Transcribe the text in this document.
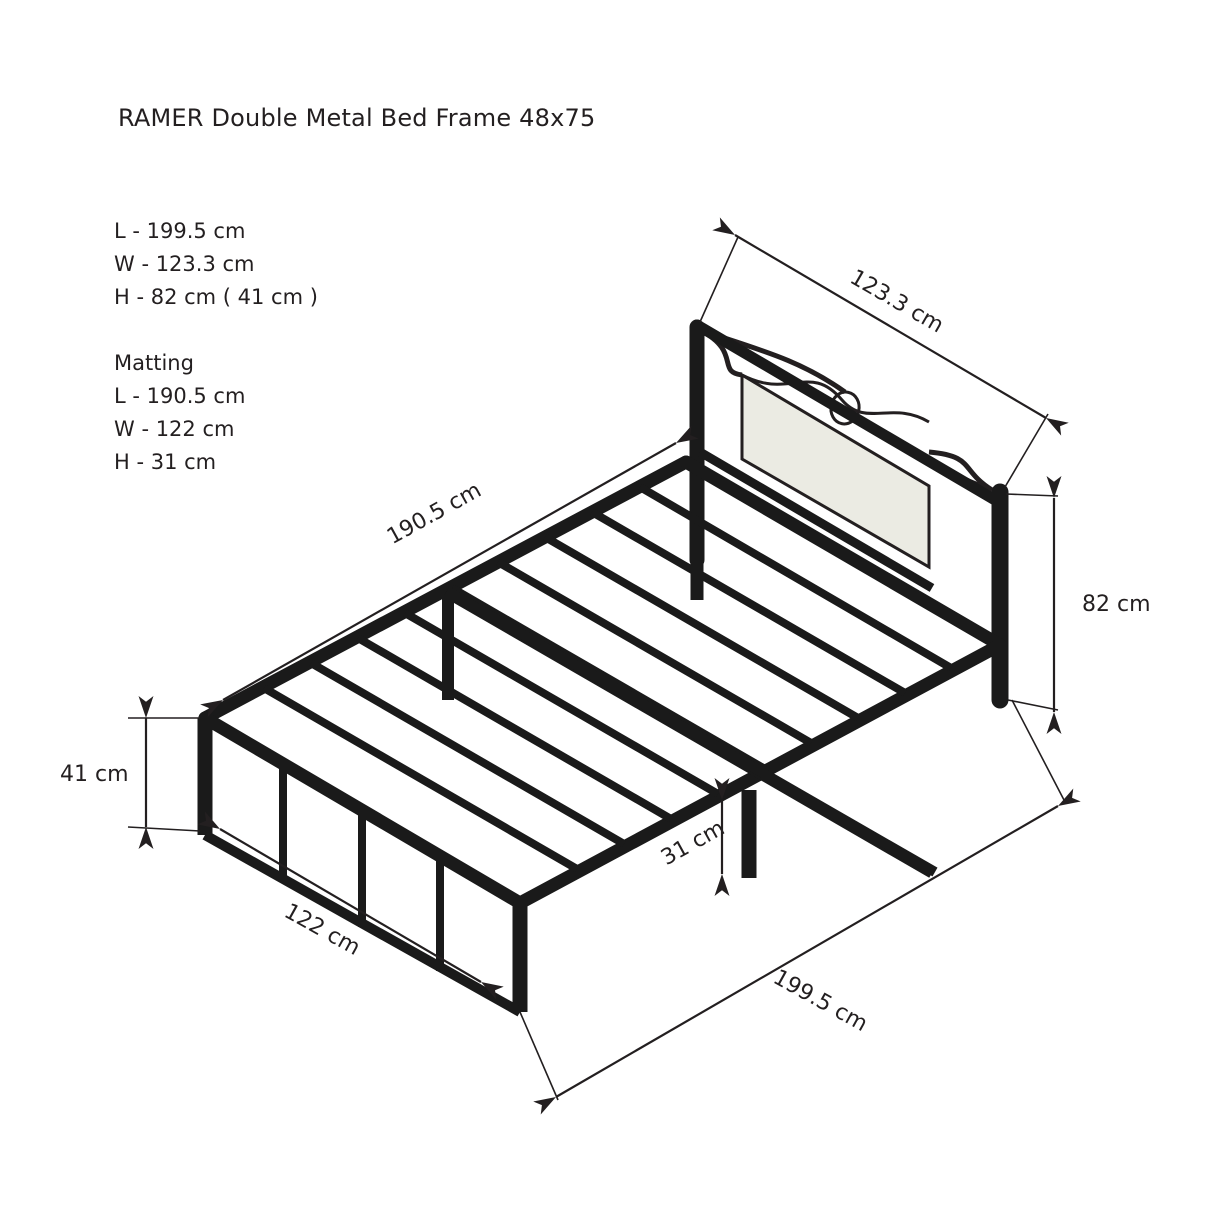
RAMER Double Metal Bed Frame 48x75
L - 199.5 cm
W - 123.3 cm
H - 82 cm ( 41 cm )
Matting
L - 190.5 cm
W - 122 cm
H - 31 cm
123.3 cm
82 cm
190.5 cm
41 cm
122 cm
31 cm
199.5 cm
